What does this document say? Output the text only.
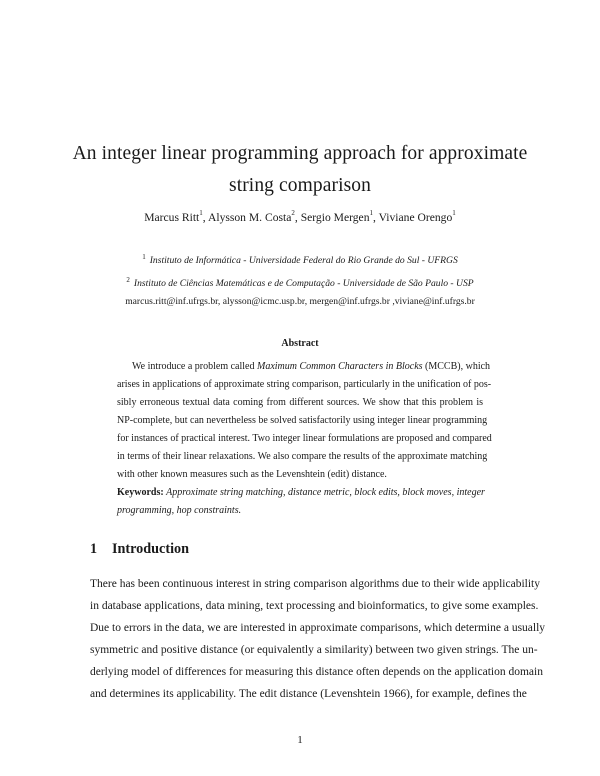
An integer linear programming approach for approximate
string comparison
Marcus Ritt$^1$, Alysson M. Costa$^2$, Sergio Mergen$^1$, Viviane Orengo$^1$
$^1$ Instituto de Informática - Universidade Federal do Rio Grande do Sul - UFRGS
$^2$ Instituto de Ciências Matemáticas e de Computação - Universidade de São Paulo - USP
marcus.ritt@inf.ufrgs.br, alysson@icmc.usp.br, mergen@inf.ufrgs.br ,viviane@inf.ufrgs.br
Abstract
We introduce a problem called Maximum Common Characters in Blocks (MCCB), which
arises in applications of approximate string comparison, particularly in the unification of pos-
sibly erroneous textual data coming from different sources. We show that this problem is
NP-complete, but can nevertheless be solved satisfactorily using integer linear programming
for instances of practical interest. Two integer linear formulations are proposed and compared
in terms of their linear relaxations. We also compare the results of the approximate matching
with other known measures such as the Levenshtein (edit) distance.
Keywords: Approximate string matching, distance metric, block edits, block moves, integer
programming, hop constraints.
1 Introduction
There has been continuous interest in string comparison algorithms due to their wide applicability
in database applications, data mining, text processing and bioinformatics, to give some examples.
Due to errors in the data, we are interested in approximate comparisons, which determine a usually
symmetric and positive distance (or equivalently a similarity) between two given strings. The un-
derlying model of differences for measuring this distance often depends on the application domain
and determines its applicability. The edit distance (Levenshtein 1966), for example, defines the
1
